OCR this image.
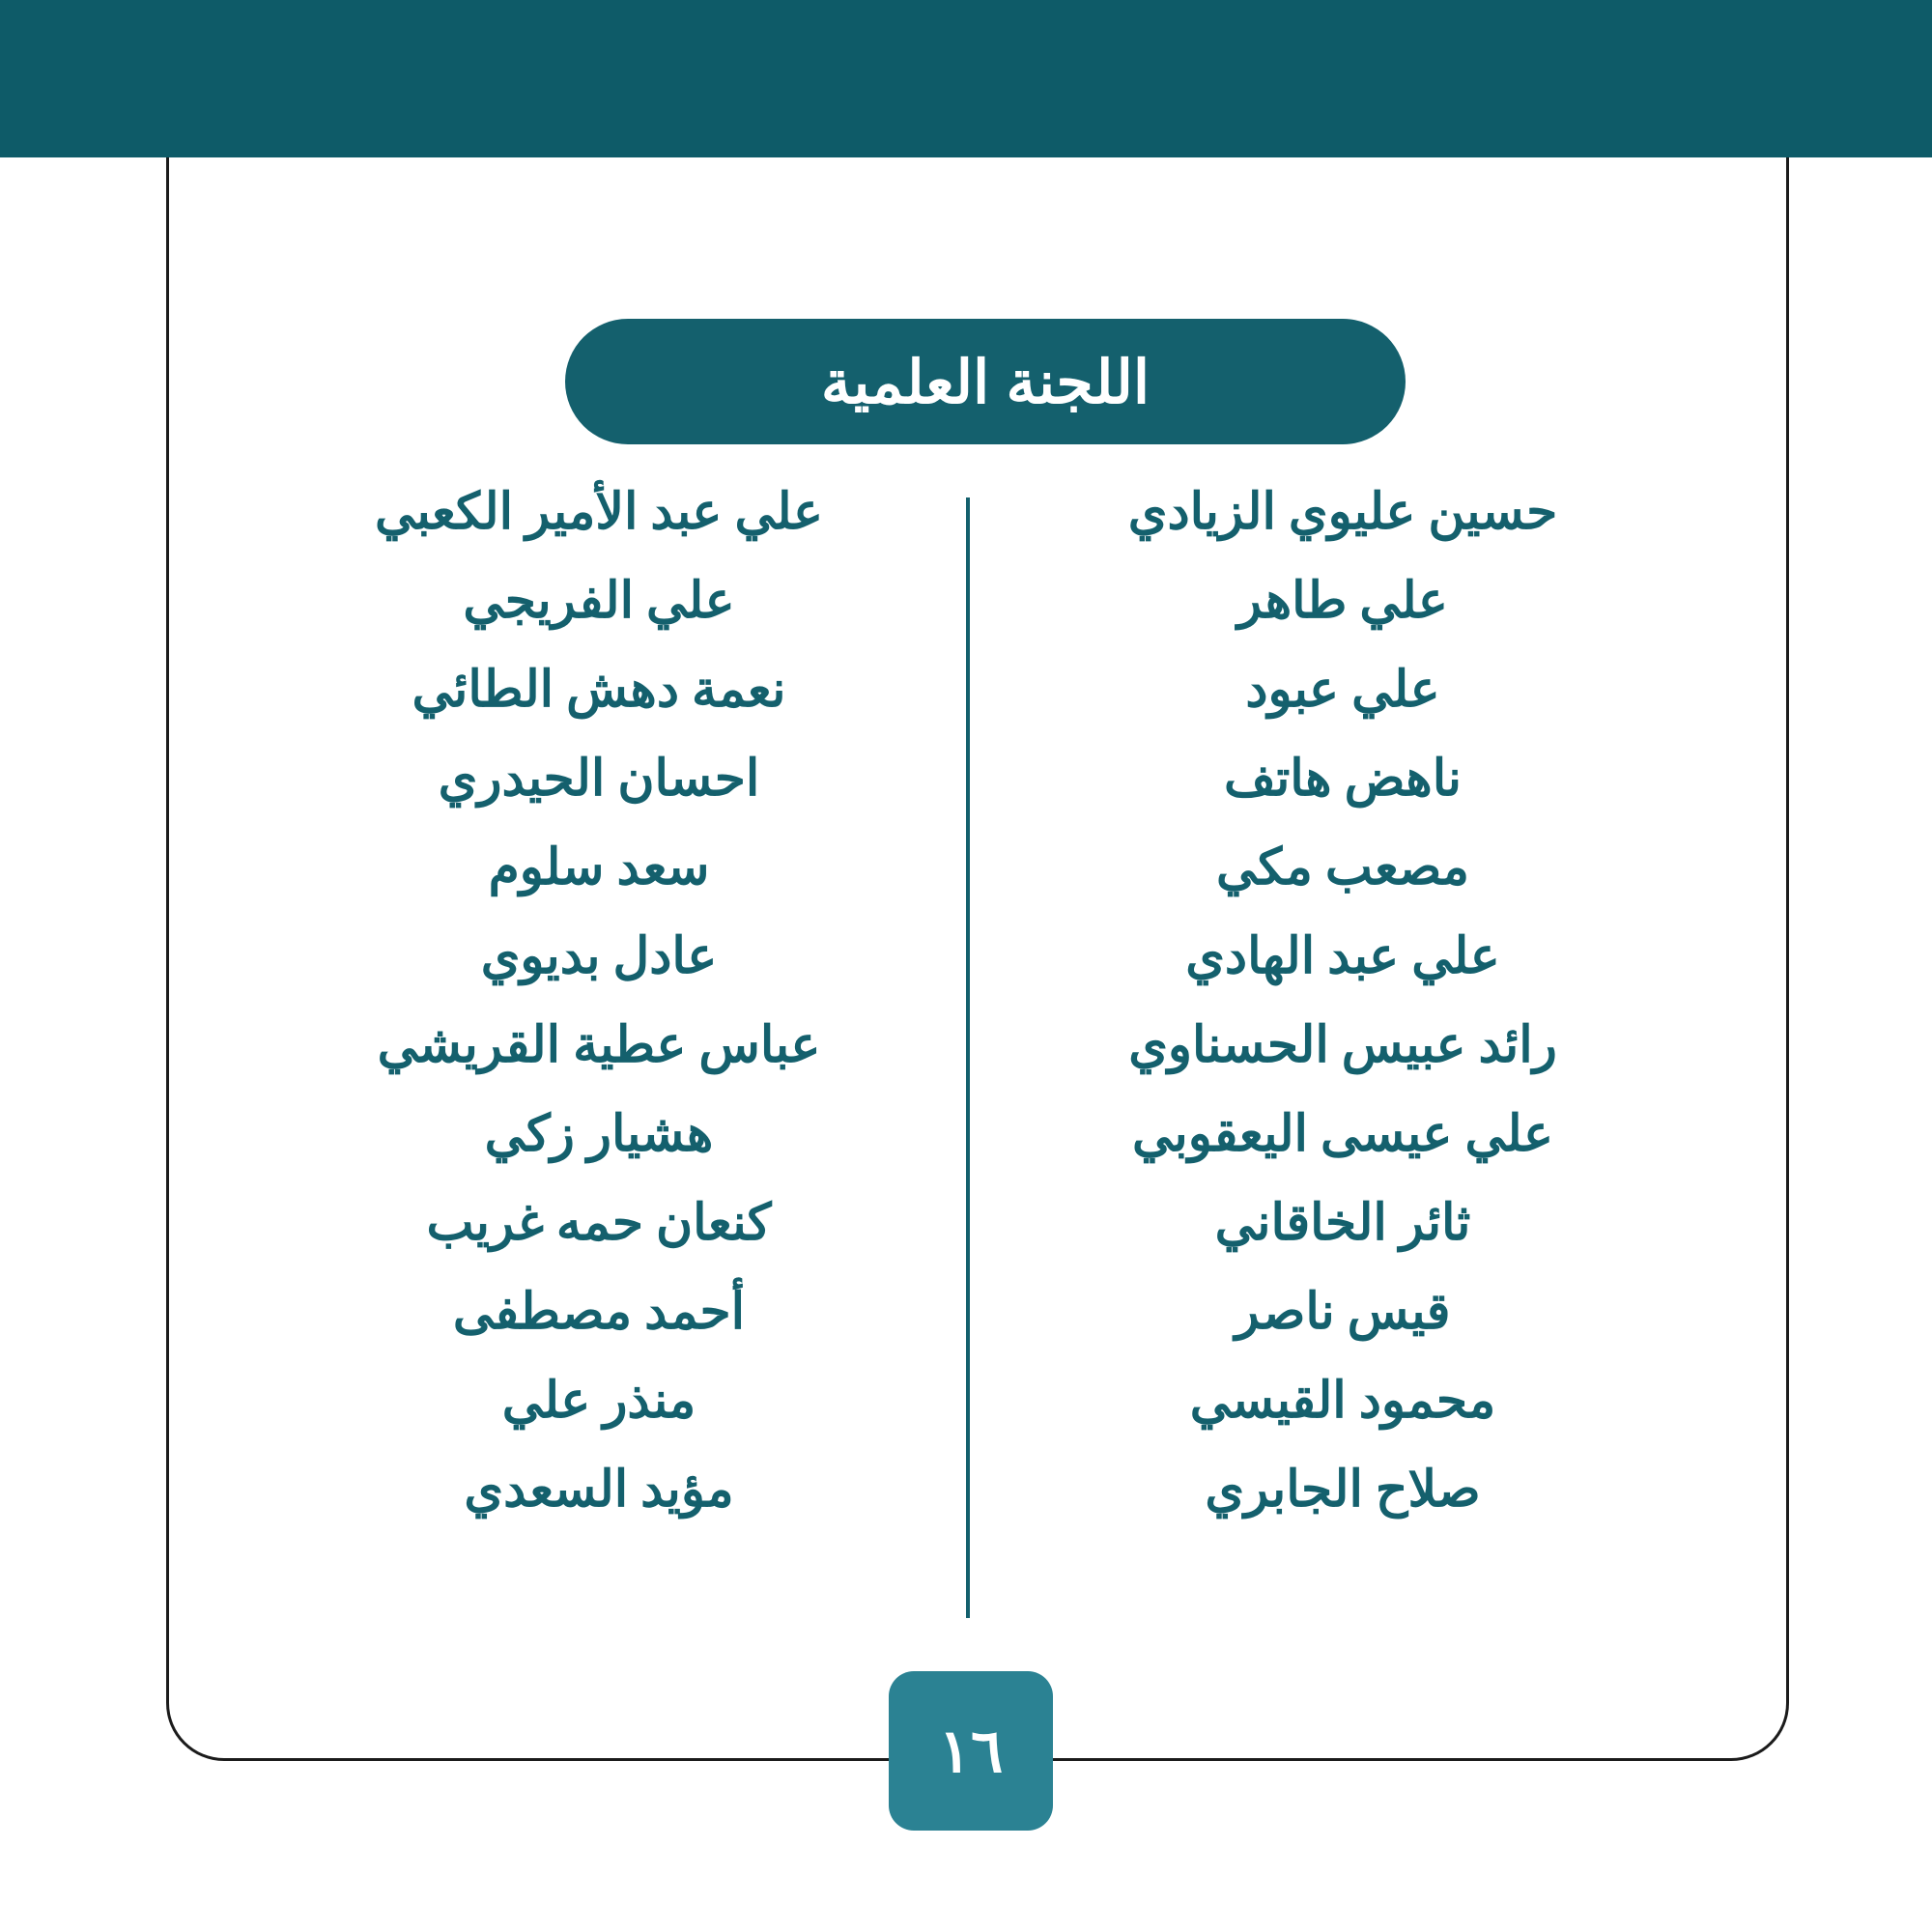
اللجنة العلمية
حسين عليوي الزيادي
علي طاهر
علي عبود
ناهض هاتف
مصعب مكي
علي عبد الهادي
رائد عبيس الحسناوي
علي عيسى اليعقوبي
ثائر الخاقاني
قيس ناصر
محمود القيسي
صلاح الجابري
علي عبد الأمير الكعبي
علي الفريجي
نعمة دهش الطائي
احسان الحيدري
سعد سلوم
عادل بديوي
عباس عطية القريشي
هشيار زكي
كنعان حمه غريب
أحمد مصطفى
منذر علي
مؤيد السعدي
١٦
